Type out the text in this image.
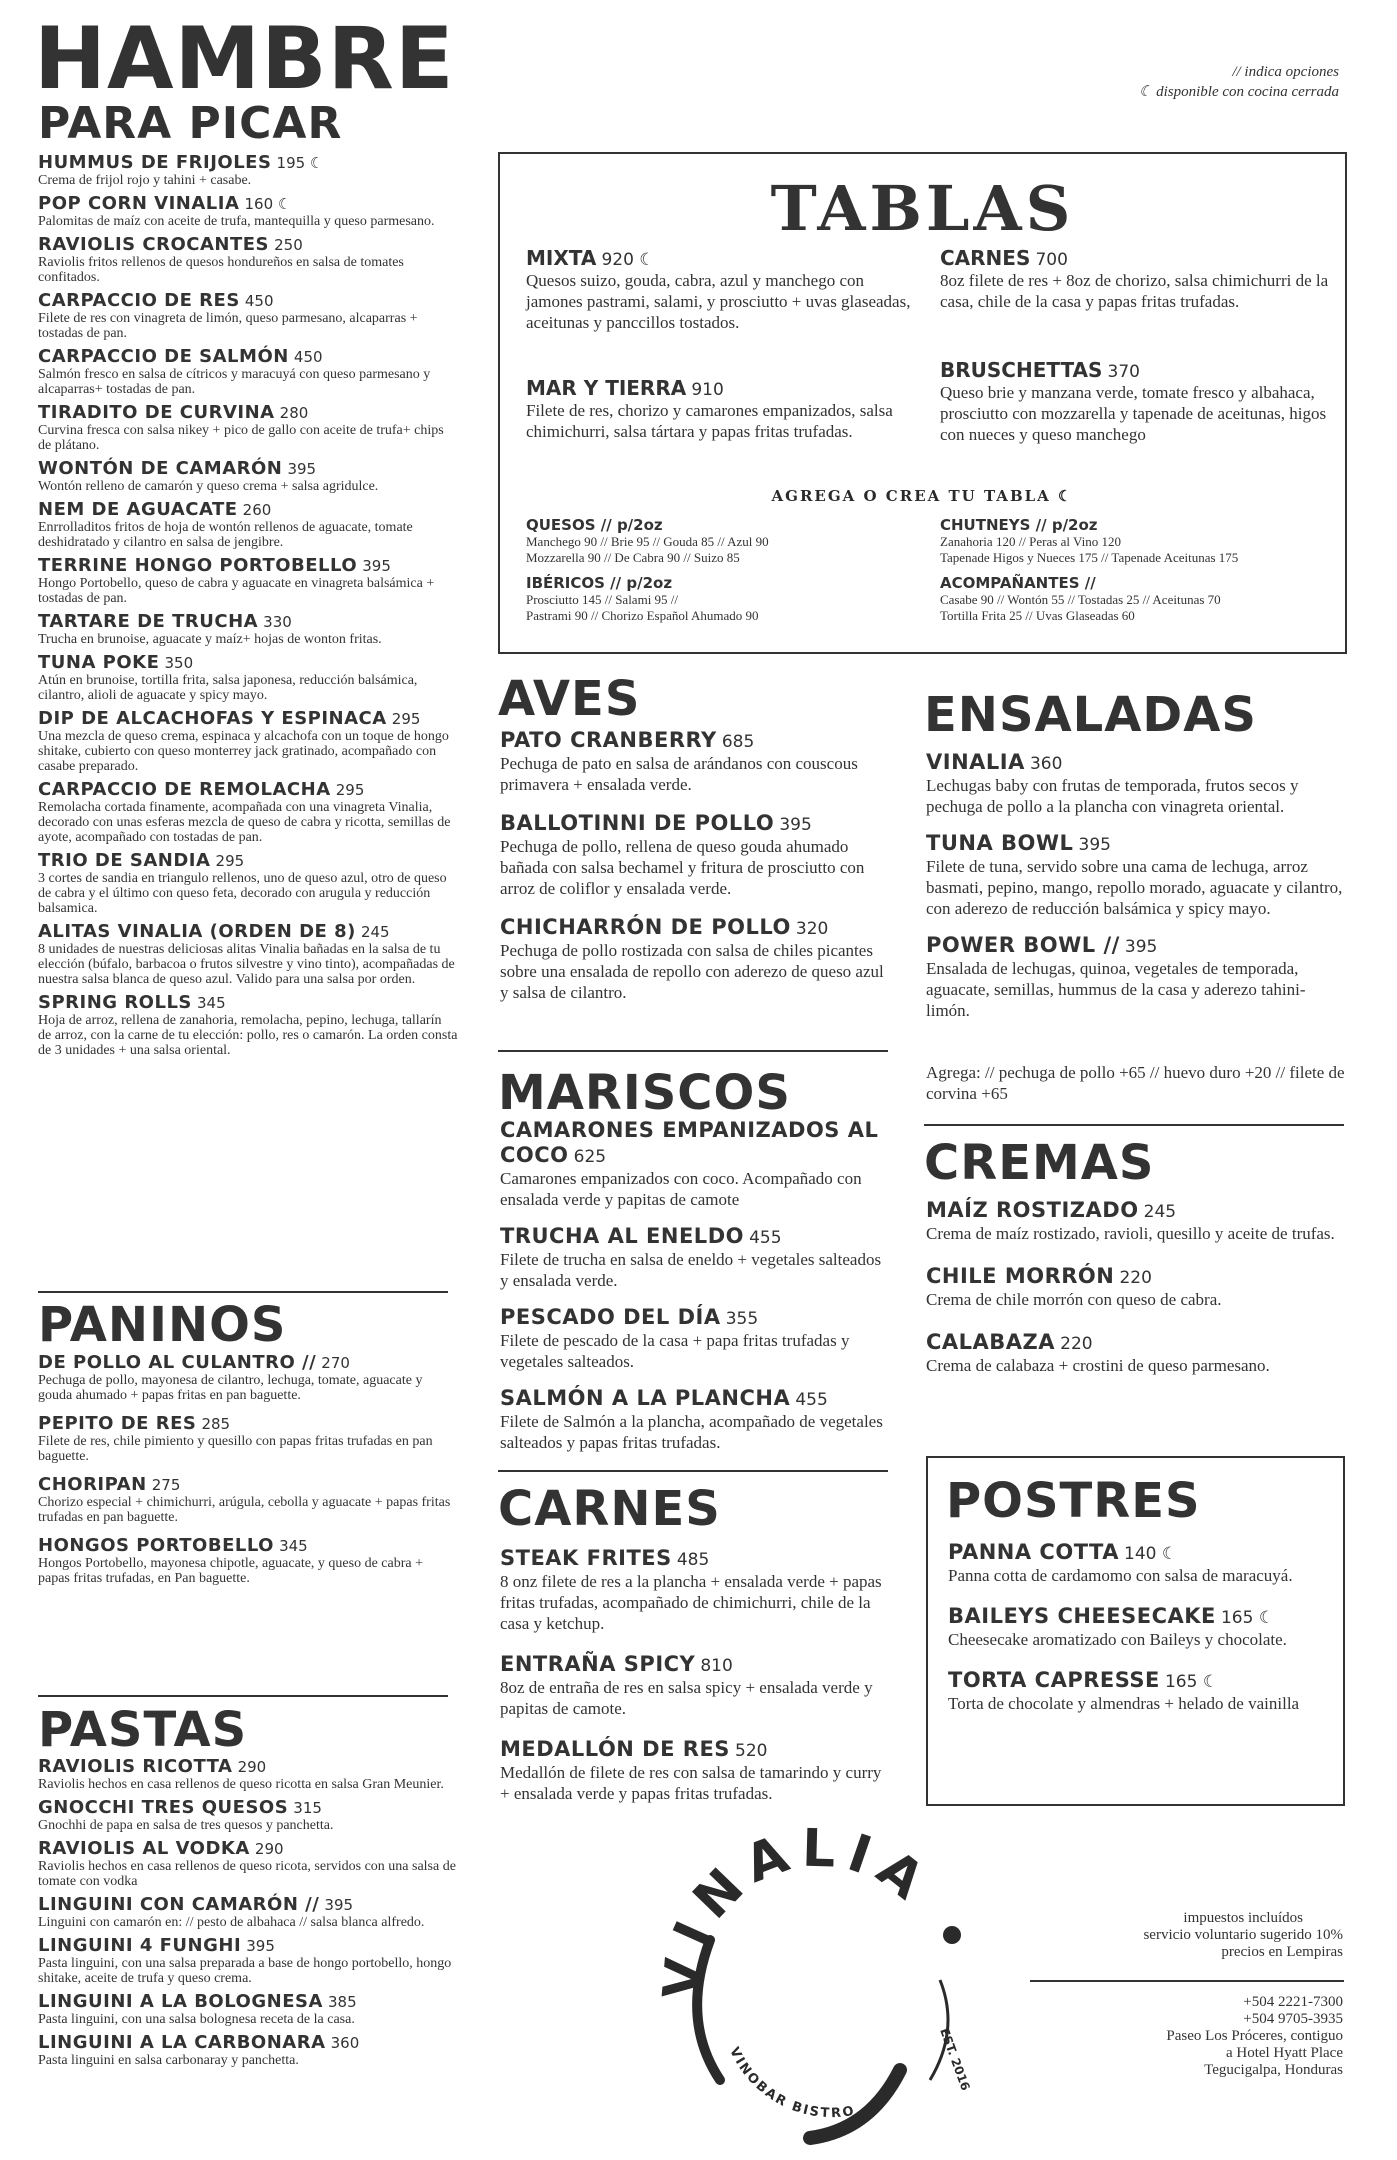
HAMBRE
PARA PICAR
// indica opciones
☾ disponible con cocina cerrada
HUMMUS DE FRIJOLES 195 ☾
Crema de frijol rojo y tahini + casabe.
POP CORN VINALIA 160 ☾
Palomitas de maíz con aceite de trufa, mantequilla y queso parmesano.
RAVIOLIS CROCANTES 250
Raviolis fritos rellenos de quesos hondureños en salsa de tomates confitados.
CARPACCIO DE RES 450
Filete de res con vinagreta de limón, queso parmesano, alcaparras + tostadas de pan.
CARPACCIO DE SALMÓN 450
Salmón fresco en salsa de cítricos y maracuyá con queso parmesano y alcaparras+ tostadas de pan.
TIRADITO DE CURVINA 280
Curvina fresca con salsa nikey + pico de gallo con aceite de trufa+ chips de plátano.
WONTÓN DE CAMARÓN 395
Wontón relleno de camarón y queso crema + salsa agridulce.
NEM DE AGUACATE 260
Enrrolladitos fritos de hoja de wontón rellenos de aguacate, tomate deshidratado y cilantro en salsa de jengibre.
TERRINE HONGO PORTOBELLO 395
Hongo Portobello, queso de cabra y aguacate en vinagreta balsámica + tostadas de pan.
TARTARE DE TRUCHA 330
Trucha en brunoise, aguacate y maíz+ hojas de wonton fritas.
TUNA POKE 350
Atún en brunoise, tortilla frita, salsa japonesa, reducción balsámica, cilantro, alioli de aguacate y spicy mayo.
DIP DE ALCACHOFAS Y ESPINACA 295
Una mezcla de queso crema, espinaca y alcachofa con un toque de hongo shitake, cubierto con queso monterrey jack gratinado, acompañado con casabe preparado.
CARPACCIO DE REMOLACHA 295
Remolacha cortada finamente, acompañada con una vinagreta Vinalia, decorado con unas esferas mezcla de queso de cabra y ricotta, semillas de ayote, acompañado con tostadas de pan.
TRIO DE SANDIA 295
3 cortes de sandia en triangulo rellenos, uno de queso azul, otro de queso de cabra y el último con queso feta, decorado con arugula y reducción balsamica.
ALITAS VINALIA (ORDEN DE 8) 245
8 unidades de nuestras deliciosas alitas Vinalia bañadas en la salsa de tu elección (búfalo, barbacoa o frutos silvestre y vino tinto), acompañadas de nuestra salsa blanca de queso azul. Valido para una salsa por orden.
SPRING ROLLS 345
Hoja de arroz, rellena de zanahoria, remolacha, pepino, lechuga, tallarín de arroz, con la carne de tu elección: pollo, res o camarón. La orden consta de 3 unidades + una salsa oriental.
PANINOS
DE POLLO AL CULANTRO // 270
Pechuga de pollo, mayonesa de cilantro, lechuga, tomate, aguacate y gouda ahumado + papas fritas en pan baguette.
PEPITO DE RES 285
Filete de res, chile pimiento y quesillo con papas fritas trufadas en pan baguette.
CHORIPAN 275
Chorizo especial + chimichurri, arúgula, cebolla y aguacate + papas fritas trufadas en pan baguette.
HONGOS PORTOBELLO 345
Hongos Portobello, mayonesa chipotle, aguacate, y queso de cabra + papas fritas trufadas, en Pan baguette.
PASTAS
RAVIOLIS RICOTTA 290
Raviolis hechos en casa rellenos de queso ricotta en salsa Gran Meunier.
GNOCCHI TRES QUESOS 315
Gnochhi de papa en salsa de tres quesos y panchetta.
RAVIOLIS AL VODKA 290
Raviolis hechos en casa rellenos de queso ricota, servidos con una salsa de tomate con vodka
LINGUINI CON CAMARÓN // 395
Linguini con camarón en: // pesto de albahaca // salsa blanca alfredo.
LINGUINI 4 FUNGHI 395
Pasta linguini, con una salsa preparada a base de hongo portobello, hongo shitake, aceite de trufa y queso crema.
LINGUINI A LA BOLOGNESA 385
Pasta linguini, con una salsa bolognesa receta de la casa.
LINGUINI A LA CARBONARA 360
Pasta linguini en salsa carbonaray y panchetta.
TABLAS
MIXTA 920 ☾
Quesos suizo, gouda, cabra, azul y manchego con jamones pastrami, salami, y prosciutto + uvas glaseadas, aceitunas y panccillos tostados.
CARNES 700
8oz filete de res + 8oz de chorizo, salsa chimichurri de la casa, chile de la casa y papas fritas trufadas.
MAR Y TIERRA 910
Filete de res, chorizo y camarones empanizados, salsa chimichurri, salsa tártara y papas fritas trufadas.
BRUSCHETTAS 370
Queso brie y manzana verde, tomate fresco y albahaca, prosciutto con mozzarella y tapenade de aceitunas, higos con nueces y queso manchego
AGREGA O CREA TU TABLA ☾
QUESOS // p/2oz
Manchego 90 // Brie 95 // Gouda 85 // Azul 90
Mozzarella 90 // De Cabra 90 // Suizo 85
IBÉRICOS // p/2oz
Prosciutto 145 // Salami 95 //
Pastrami 90 // Chorizo Español Ahumado 90
CHUTNEYS // p/2oz
Zanahoria 120 // Peras al Vino 120
Tapenade Higos y Nueces 175 // Tapenade Aceitunas 175
ACOMPAÑANTES //
Casabe 90 // Wontón 55 // Tostadas 25 // Aceitunas 70
Tortilla Frita 25 // Uvas Glaseadas 60
AVES
PATO CRANBERRY 685
Pechuga de pato en salsa de arándanos con couscous primavera + ensalada verde.
BALLOTINNI DE POLLO 395
Pechuga de pollo, rellena de queso gouda ahumado bañada con salsa bechamel y fritura de prosciutto con arroz de coliflor y ensalada verde.
CHICHARRÓN DE POLLO 320
Pechuga de pollo rostizada con salsa de chiles picantes sobre una ensalada de repollo con aderezo de queso azul y salsa de cilantro.
MARISCOS
CAMARONES EMPANIZADOS AL COCO 625
Camarones empanizados con coco. Acompañado con ensalada verde y papitas de camote
TRUCHA AL ENELDO 455
Filete de trucha en salsa de eneldo + vegetales salteados y ensalada verde.
PESCADO DEL DÍA 355
Filete de pescado de la casa + papa fritas trufadas y vegetales salteados.
SALMÓN A LA PLANCHA 455
Filete de Salmón a la plancha, acompañado de vegetales salteados y papas fritas trufadas.
CARNES
STEAK FRITES 485
8 onz filete de res a la plancha + ensalada verde + papas fritas trufadas, acompañado de chimichurri, chile de la casa y ketchup.
ENTRAÑA SPICY 810
8oz de entraña de res en salsa spicy + ensalada verde y papitas de camote.
MEDALLÓN DE RES 520
Medallón de filete de res con salsa de tamarindo y curry + ensalada verde y papas fritas trufadas.
ENSALADAS
VINALIA 360
Lechugas baby con frutas de temporada, frutos secos y pechuga de pollo a la plancha con vinagreta oriental.
TUNA BOWL 395
Filete de tuna, servido sobre una cama de lechuga, arroz basmati, pepino, mango, repollo morado, aguacate y cilantro, con aderezo de reducción balsámica y spicy mayo.
POWER BOWL // 395
Ensalada de lechugas, quinoa, vegetales de temporada, aguacate, semillas, hummus de la casa y aderezo tahini-limón.
Agrega: // pechuga de pollo +65 // huevo duro +20 // filete de corvina +65
CREMAS
MAÍZ ROSTIZADO 245
Crema de maíz rostizado, ravioli, quesillo y aceite de trufas.
CHILE MORRÓN 220
Crema de chile morrón con queso de cabra.
CALABAZA 220
Crema de calabaza + crostini de queso parmesano.
POSTRES
PANNA COTTA 140 ☾
Panna cotta de cardamomo con salsa de maracuyá.
BAILEYS CHEESECAKE 165 ☾
Cheesecake aromatizado con Baileys y chocolate.
TORTA CAPRESSE 165 ☾
Torta de chocolate y almendras + helado de vainilla
VINALIA
VINOBAR BISTRO
EST. 2016
impuestos incluídos
servicio voluntario sugerido 10%
precios en Lempiras
+504 2221-7300
+504 9705-3935
Paseo Los Próceres, contiguo
a Hotel Hyatt Place
Tegucigalpa, Honduras
